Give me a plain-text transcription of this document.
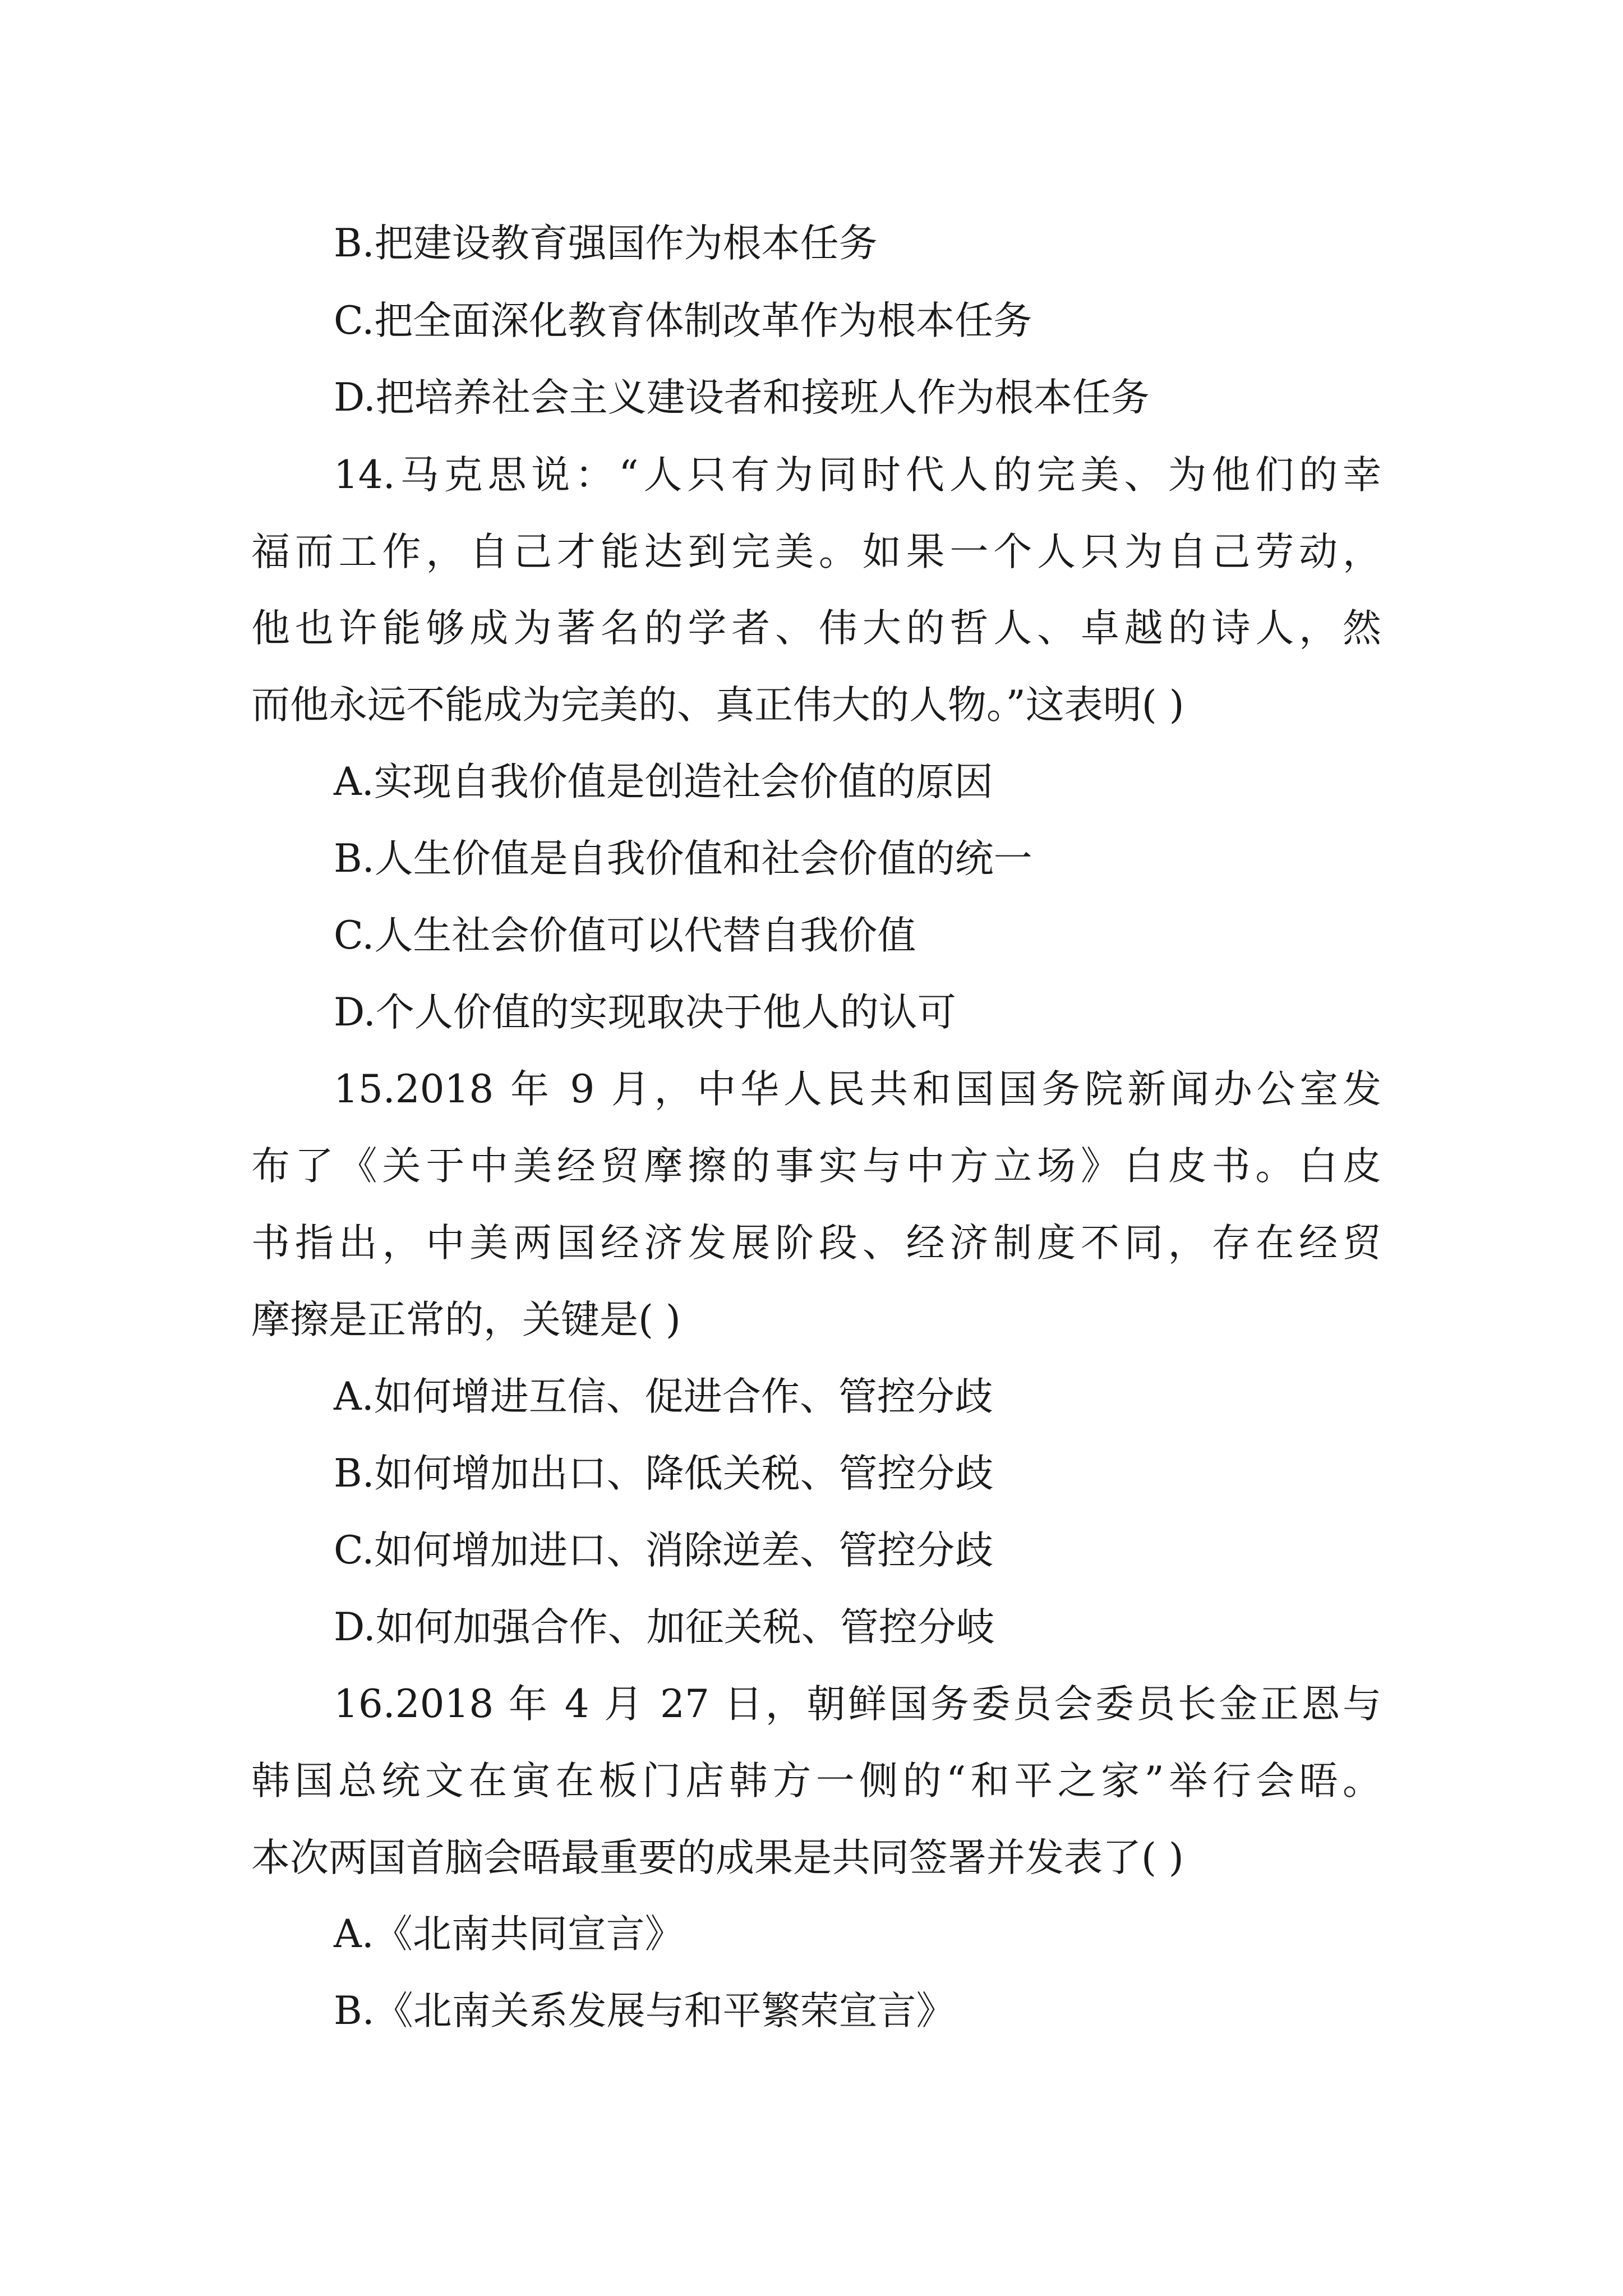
B.把建设教育强国作为根本任务
C.把全面深化教育体制改革作为根本任务
D.把培养社会主义建设者和接班人作为根本任务
14.马克思说：“人只有为同时代人的完美、为他们的幸
福而工作，自己才能达到完美。如果一个人只为自己劳动，
他也许能够成为著名的学者、伟大的哲人、卓越的诗人，然
而他永远不能成为完美的、真正伟大的人物。”这表明( )
A.实现自我价值是创造社会价值的原因
B.人生价值是自我价值和社会价值的统一
C.人生社会价值可以代替自我价值
D.个人价值的实现取决于他人的认可
15.2018 年 9 月，中华人民共和国国务院新闻办公室发
布了《关于中美经贸摩擦的事实与中方立场》白皮书。白皮
书指出，中美两国经济发展阶段、经济制度不同，存在经贸
摩擦是正常的，关键是( )
A.如何增进互信、促进合作、管控分歧
B.如何增加出口、降低关税、管控分歧
C.如何增加进口、消除逆差、管控分歧
D.如何加强合作、加征关税、管控分岐
16.2018 年 4 月 27 日，朝鲜国务委员会委员长金正恩与
韩国总统文在寅在板门店韩方一侧的“和平之家”举行会晤。
本次两国首脑会晤最重要的成果是共同签署并发表了( )
A.《北南共同宣言》
B.《北南关系发展与和平繁荣宣言》
